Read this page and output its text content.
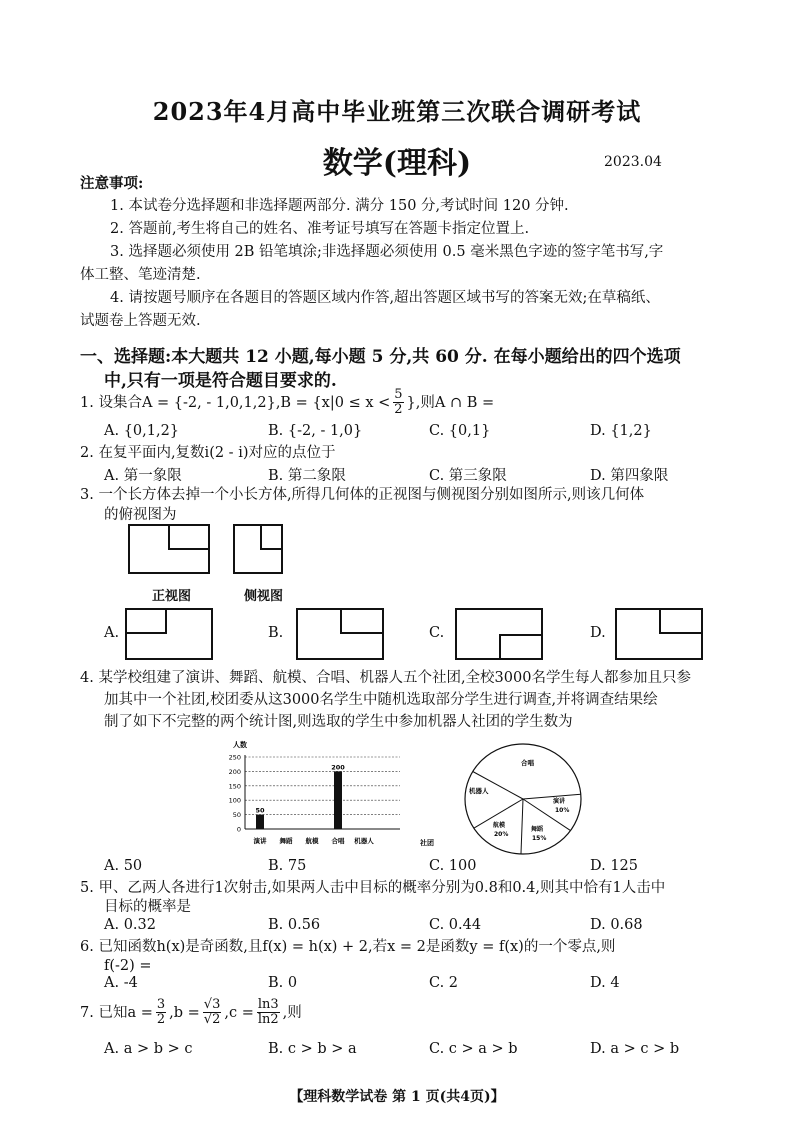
2023年4月高中毕业班第三次联合调研考试
数学(理科)	2023.04
注意事项:
1. 本试卷分选择题和非选择题两部分. 满分 150 分,考试时间 120 分钟.
2. 答题前,考生将自己的姓名、准考证号填写在答题卡指定位置上.
3. 选择题必须使用 2B 铅笔填涂;非选择题必须使用 0.5 毫米黑色字迹的签字笔书写,字
体工整、笔迹清楚.
4. 请按题号顺序在各题目的答题区域内作答,超出答题区域书写的答案无效;在草稿纸、
试题卷上答题无效.
一、选择题:本大题共 12 小题,每小题 5 分,共 60 分. 在每小题给出的四个选项
中,只有一项是符合题目要求的.
1. 设集合A = {-2, - $1,0,1,2\},B = \{x|0 \le x < \frac{5}{2}$ },则A ∩ B =
A. {0,1,2}	B. {-2, - 1,0}	C. {0,1}	D. {1,2}
2. 在复平面内,复数i(2 - i)对应的点位于
A. 第一象限	B. 第二象限	C. 第三象限	D. 第四象限
3. 一个长方体去掉一个小长方体,所得几何体的正视图与侧视图分别如图所示,则该几何体
的俯视图为
正视图	侧视图
A.	B.	C.	D.
4. 某学校组建了演讲、舞蹈、航模、合唱、机器人五个社团,全校3000名学生每人都参加且只参
加其中一个社团,校团委从这3000名学生中随机选取部分学生进行调查,并将调查结果绘
制了如下不完整的两个统计图,则选取的学生中参加机器人社团的学生数为
人数
0
50
100
150
200
250
50
200
演讲 舞蹈 航模 合唱 机器人	社团
合唱
演讲
10%
舞蹈
15%
航模
20%
机器人
A. 50	B. 75	C. 100	D. 125
5. 甲、乙两人各进行1次射击,如果两人击中目标的概率分别为0.8和0.4,则其中恰有1人击中
目标的概率是
A. 0.32	B. 0.56	C. 0.44	D. 0.68
6. 已知函数h(x)是奇函数,且f(x) = h(x) + 2,若x = 2是函数y = f(x)的一个零点,则
f(-2) =
A. -4	B. 0	C. 2	D. 4
7. 已知$a = \frac{3}{2} ,b = \frac{√3}{√2} ,c = \frac{\ln 3}{\ln 2}$ ,则
A. a > b > c	B. c > b > a	C. c > a > b	D. a > c > b
【理科数学试卷 第 1 页(共4页)】
